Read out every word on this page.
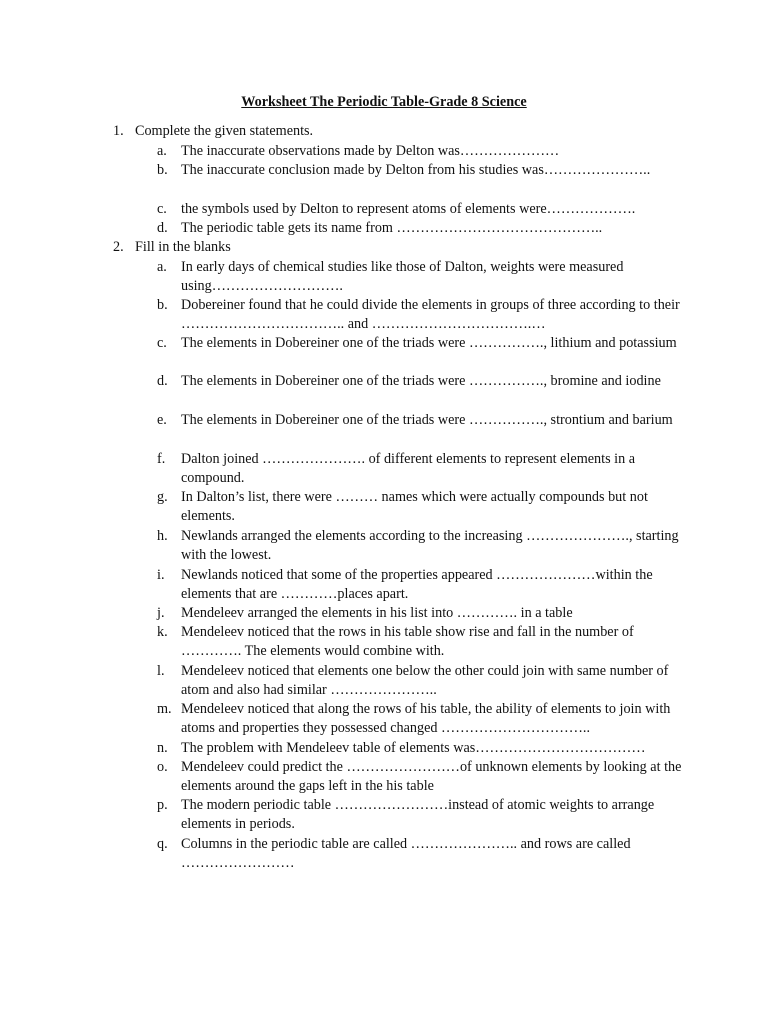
Worksheet The Periodic Table-Grade 8 Science
1. Complete the given statements.
a. The inaccurate observations made by Delton was…………………
b. The inaccurate conclusion made by Delton from his studies was…………………..
c. the symbols used by Delton to represent atoms of elements were……………….
d. The periodic table gets its name from ……………………………………..
2. Fill in the blanks
a. In early days of chemical studies like those of Dalton, weights were measured using……………………….
b. Dobereiner found that he could divide the elements in groups of three according to their …………………………….. and …………………………….…
c. The elements in Dobereiner one of the triads were ……………., lithium and potassium
d. The elements in Dobereiner one of the triads were ……………., bromine and iodine
e. The elements in Dobereiner one of the triads were ……………., strontium and barium
f.	Dalton joined …………………. of different elements to represent elements in a compound.
g. In Dalton’s list, there were ……… names which were actually compounds but not elements.
h. Newlands arranged the elements according to the increasing …………………., starting with the lowest.
i.	Newlands noticed that some of the properties appeared …………………within the elements that are …………places apart.
j.	Mendeleev arranged the elements in his list into …………. in a table
k. Mendeleev noticed that the rows in his table show rise and fall in the number of …………. The elements would combine with.
l.	Mendeleev noticed that elements one below the other could join with same number of atom and also had similar …………………..
m. Mendeleev noticed that along the rows of his table, the ability of elements to join with atoms and properties they possessed changed …………………………..
n. The problem with Mendeleev table of elements was………………………………
o. Mendeleev could predict the ……………………of unknown elements by looking at the elements around the gaps left in the his table
p. The modern periodic table ……………………instead of atomic weights to arrange elements in periods.
q. Columns in the periodic table are called ………………….. and rows are called ……………………
